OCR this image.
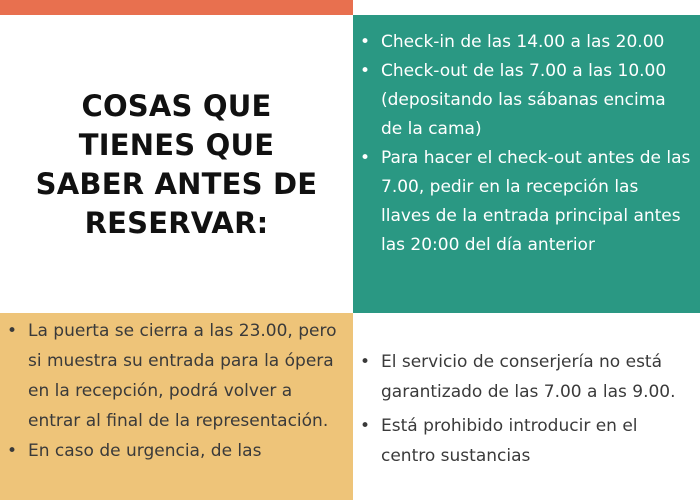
COSAS QUE TIENES QUE SABER ANTES DE RESERVAR:
• Check-in de las 14.00 a las 20.00
• Check-out de las 7.00 a las 10.00 (depositando las sábanas encima de la cama)
• Para hacer el check-out antes de las 7.00, pedir en la recepción las llaves de la entrada principal antes las 20:00 del día anterior
• La puerta se cierra a las 23.00, pero si muestra su entrada para la ópera en la recepción, podrá volver a entrar al final de la representación.
• En caso de urgencia, de las
• El servicio de conserjería no está garantizado de las 7.00 a las 9.00.
• Está prohibido introducir en el centro sustancias
